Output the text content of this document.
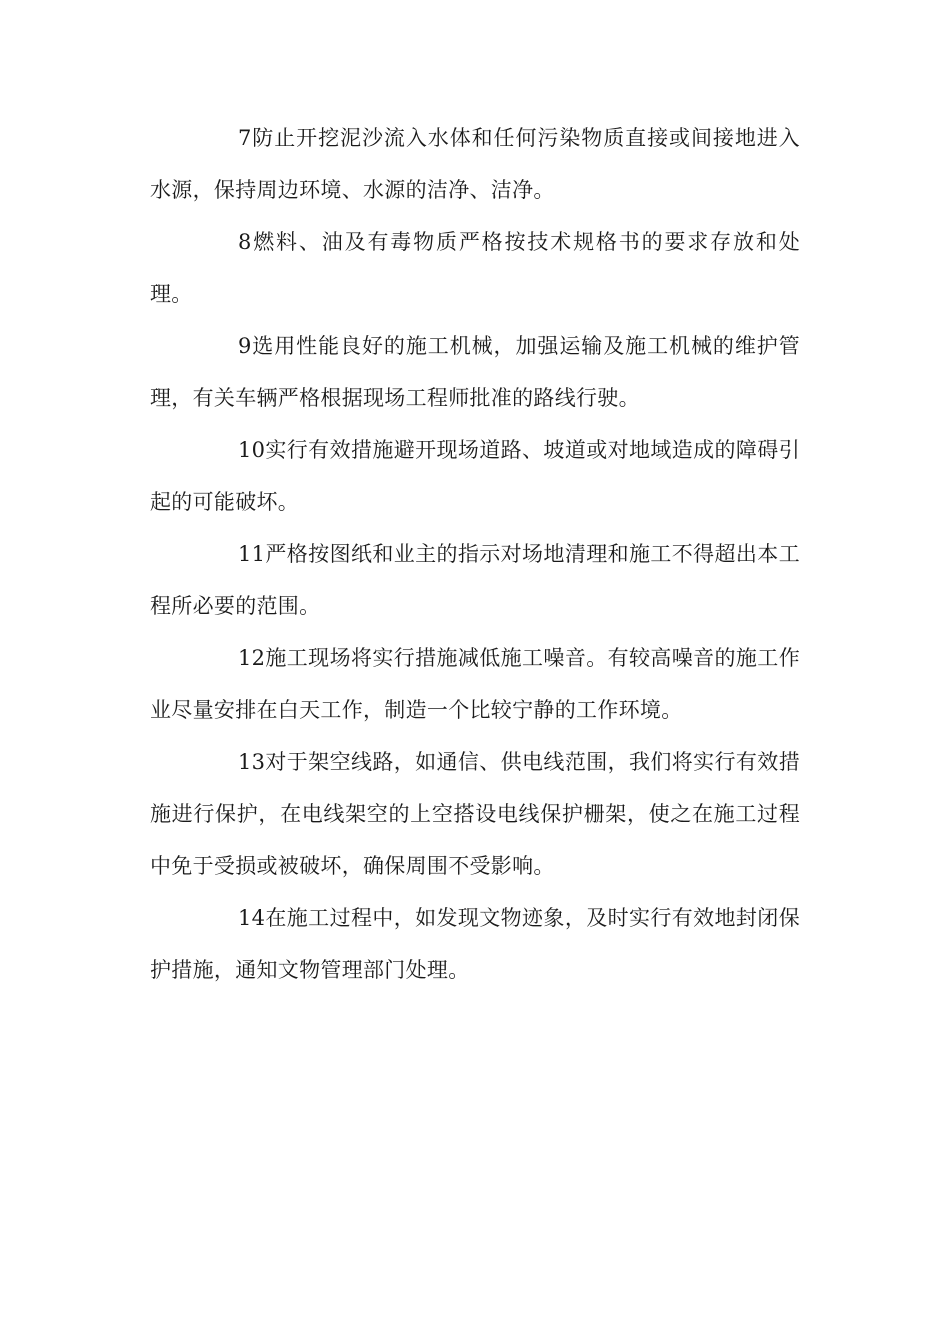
7防止开挖泥沙流入水体和任何污染物质直接或间接地进入水源，保持周边环境、水源的洁净、洁净。

8燃料、油及有毒物质严格按技术规格书的要求存放和处理。

9选用性能良好的施工机械，加强运输及施工机械的维护管理，有关车辆严格根据现场工程师批准的路线行驶。

10实行有效措施避开现场道路、坡道或对地域造成的障碍引起的可能破坏。

11严格按图纸和业主的指示对场地清理和施工不得超出本工程所必要的范围。

12施工现场将实行措施减低施工噪音。有较高噪音的施工作业尽量安排在白天工作，制造一个比较宁静的工作环境。

13对于架空线路，如通信、供电线范围，我们将实行有效措施进行保护，在电线架空的上空搭设电线保护栅架，使之在施工过程中免于受损或被破坏，确保周围不受影响。

14在施工过程中，如发现文物迹象，及时实行有效地封闭保护措施，通知文物管理部门处理。
